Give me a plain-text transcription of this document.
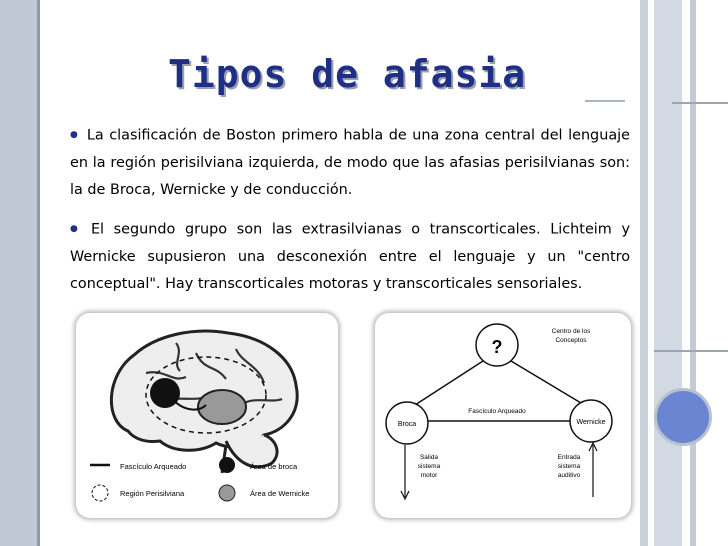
Tipos de afasia

● La clasificación de Boston primero habla de una zona central del lenguaje en la región perisilviana izquierda, de modo que las afasias perisilvianas son: la de Broca, Wernicke y de conducción.

● El segundo grupo son las extrasilvianas o transcorticales. Lichteim y Wernicke supusieron una desconexión entre el lenguaje y un "centro conceptual". Hay transcorticales motoras y transcorticales sensoriales.

Fascículo Arqueado
Región Perisilviana
Área de broca
Área de Wernicke
?
Centro de los
Conceptos
Fascículo Arqueado
Broca	Wernicke
Salida
sistema
motor
Entrada
sistema
auditivo
